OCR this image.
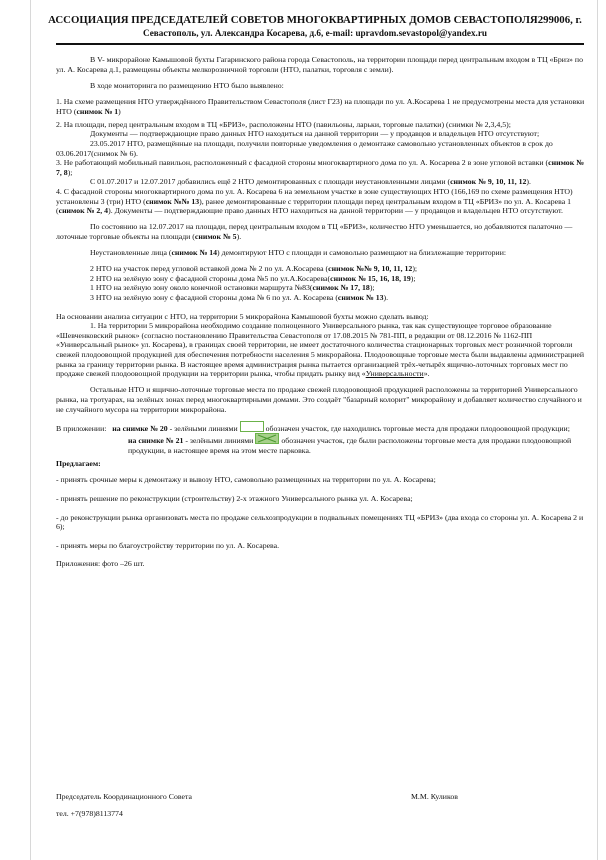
АССОЦИАЦИЯ ПРЕДСЕДАТЕЛЕЙ СОВЕТОВ МНОГОКВАРТИРНЫХ ДОМОВ СЕВАСТОПОЛЯ299006, г.
Севастополь, ул. Александра Косарева, д.6, e-mail: upravdom.sevastopol@yandex.ru

В V- микрорайоне Камышовой бухты Гагаринского района города Севастополь, на территории площади перед центральным входом в ТЦ «Бриз» по ул. А. Косарева д.1, размещены объекты мелкорозничной торговли (НТО, палатки, торговля с земли).

В ходе мониторинга по размещению НТО было выявлено:

1. На схеме размещения НТО утверждённого Правительством Севастополя (лист Г23) на площади по ул. А.Косарева 1 не предусмотрены места для установки НТО (снимок № 1)

2. На площади, перед центральным входом в ТЦ «БРИЗ», расположены НТО (павильоны, ларьки, торговые палатки) (снимки № 2,3,4,5);

Документы — подтверждающие право данных НТО находиться на данной территории — у продавцов и владельцев НТО отсутствуют;

23.05.2017 НТО, размещённые на площади, получили повторные уведомления о демонтаже самовольно установленных объектов в срок до 03.06.2017(снимок № 6).

3. Не работающий мобильный павильон, расположенный с фасадной стороны многоквартирного дома по ул. А. Косарева 2 в зоне угловой вставки (снимок № 7, 8);

С 01.07.2017 и 12.07.2017 добавились ещё 2 НТО демонтированных с площади неустановленными лицами (снимок № 9, 10, 11, 12).

4. С фасадной стороны многоквартирного дома по ул. А. Косарева 6 на земельном участке в зоне существующих НТО (166,169 по схеме размещения НТО) установлены 3 (три) НТО (снимок №№ 13), ранее демонтированные с территории площади перед центральным входом в ТЦ «БРИЗ» по ул. А. Косарева 1 (снимок № 2, 4). Документы — подтверждающие право данных НТО находиться на данной территории — у продавцов и владельцев НТО отсутствуют.

По состоянию на 12.07.2017 на площади, перед центральным входом в ТЦ «БРИЗ», количество НТО уменьшается, но добавляются палаточно — лоточные торговые объекты на площади (снимок № 5).

Неустановленные лица (снимок № 14) демонтируют НТО с площади и самовольно размещают на близлежащие территории:

2 НТО на участок перед угловой вставкой дома № 2 по ул. А.Косарева (снимок №№ 9, 10, 11, 12);

2 НТО на зелёную зону с фасадной стороны дома №5 по ул.А.Косарева(снимок № 15, 16, 18, 19);

1 НТО на зелёную зону около конечной остановки маршрута №83(снимок № 17, 18);

3 НТО на зелёную зону с фасадной стороны дома № 6 по ул. А. Косарева (снимок № 13).

На основании анализа ситуации с НТО, на территории 5 микрорайона Камышовой бухты можно сделать вывод:

1. На территории 5 микрорайона необходимо создание полноценного Универсального рынка, так как существующее торговое образование «Шевченковский рынок» (согласно постановлению Правительства Севастополя от 17.08.2015 № 781-ПП, в редакции от 08.12.2016 № 1162-ПП «Универсальный рынок» ул. Косарева), в границах своей территории, не имеет достаточного количества стационарных торговых мест розничной торговли свежей плодоовощной продукцией для обеспечения потребности населения 5 микрорайона. Плодоовощные торговые места были выдавлены администрацией рынка за границу территории рынка. В настоящее время администрация рынка пытается организацией трёх-четырёх ящично-лоточных торговых мест по продаже свежей плодоовощной продукции на территории рынка, чтобы придать рынку вид «Универсальности».

Остальные НТО и ящично-лоточные торговые места по продаже свежей плодоовощной продукцией расположены за территорией Универсального рынка, на тротуарах, на зелёных зонах перед многоквартирными домами. Это создаёт "базарный колорит" микрорайону и добавляет количество случайного и не случайного мусора на территории микрорайона.

В приложении: на снимке № 20 - зелёными линиями	обозначен участок, где находились торговые места для продажи плодоовощной продукции;

на снимке № 21 - зелёными линиями	обозначен участок, где были расположены торговые места для продажи плодоовощной продукции, в настоящее время на этом месте парковка.

Предлагаем:

- принять срочные меры к демонтажу и вывозу НТО, самовольно размещенных на территории по ул. А. Косарева;

- принять решение по реконструкции (строительству) 2-х этажного Универсального рынка ул. А. Косарева;

- до реконструкции рынка организовать места по продаже сельхозпродукции в подвальных помещениях ТЦ «БРИЗ» (два входа со стороны ул. А. Косарева 2 и 6);

- принять меры по благоустройству территории по ул. А. Косарева.

Приложения: фото –26 шт.

Председатель Координационного Совета	М.М. Куликов
тел. +7(978)8113774
